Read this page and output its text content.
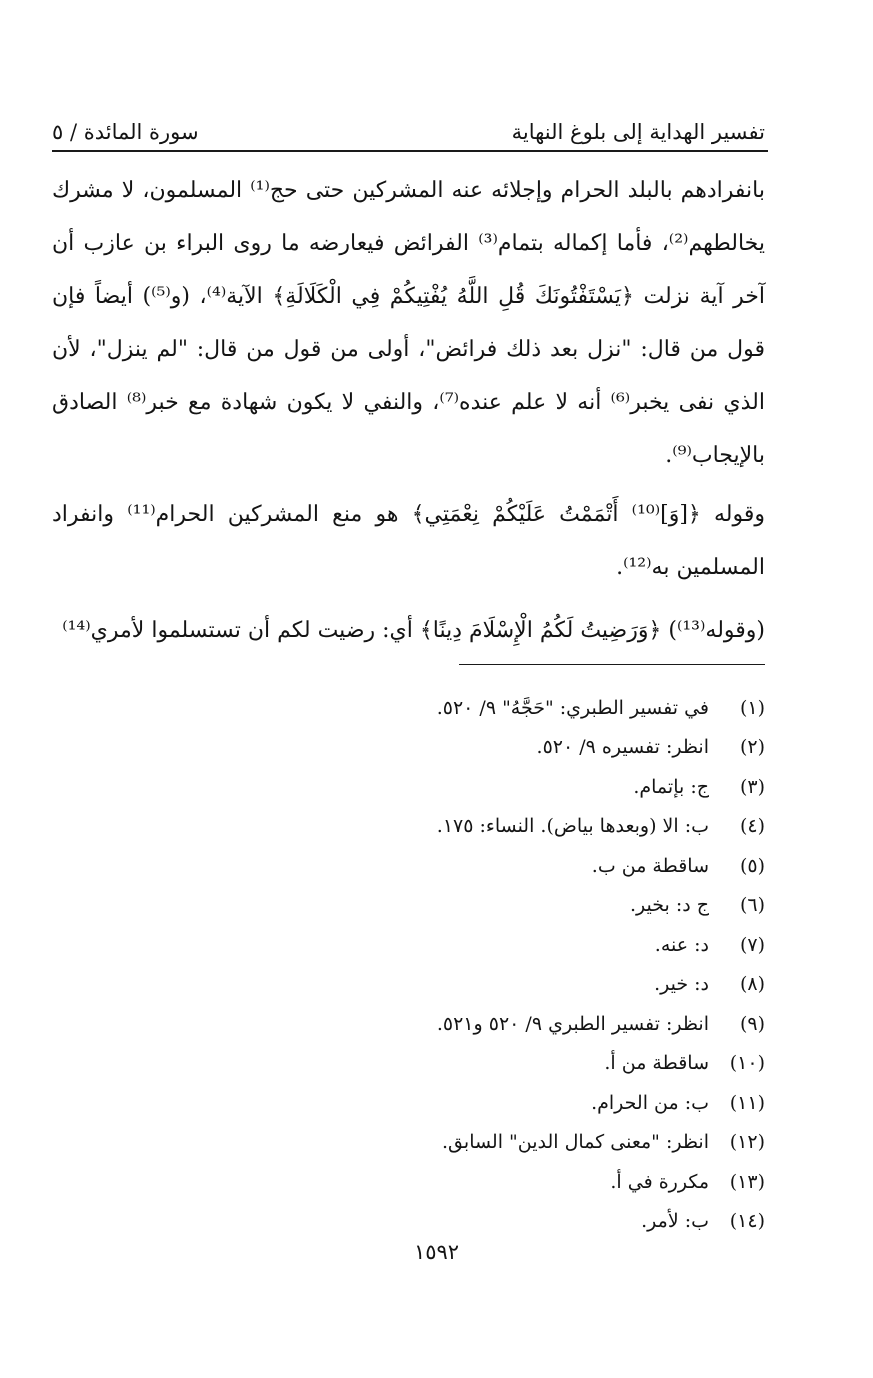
تفسير الهداية إلى بلوغ النهاية
سورة المائدة / ٥

بانفرادهم بالبلد الحرام وإجلائه عنه المشركين حتى حج⁽¹⁾ المسلمون، لا مشرك يخالطهم⁽²⁾، فأما إكماله بتمام⁽³⁾ الفرائض فيعارضه ما روى البراء بن عازب أن آخر آية نزلت ﴿يَسْتَفْتُونَكَ قُلِ اللَّهُ يُفْتِيكُمْ فِي الْكَلَالَةِ﴾ الآية⁽⁴⁾، (و⁽⁵⁾) أيضاً فإن قول من قال: "نزل بعد ذلك فرائض"، أولى من قول من قال: "لم ينزل"، لأن الذي نفى يخبر⁽⁶⁾ أنه لا علم عنده⁽⁷⁾، والنفي لا يكون شهادة مع خبر⁽⁸⁾ الصادق بالإيجاب⁽⁹⁾.

وقوله ﴿[وَ]⁽¹⁰⁾ أَتْمَمْتُ عَلَيْكُمْ نِعْمَتِي﴾ هو منع المشركين الحرام⁽¹¹⁾ وانفراد المسلمين به⁽¹²⁾.

(وقوله⁽¹³⁾) ﴿وَرَضِيتُ لَكُمُ الْإِسْلَامَ دِينًا﴾ أي: رضيت لكم أن تستسلموا لأمري⁽¹⁴⁾

(١)
في تفسير الطبري: "حَجَّهُ" ٩/ ٥٢٠.
(٢)
انظر: تفسيره ٩/ ٥٢٠.
(٣)
ج: بإتمام.
(٤)
ب: الا (وبعدها بياض). النساء: ١٧٥.
(٥)
ساقطة من ب.
(٦)
ج د: بخير.
(٧)
د: عنه.
(٨)
د: خير.
(٩)
انظر: تفسير الطبري ٩/ ٥٢٠ و٥٢١.
(١٠)
ساقطة من أ.
(١١)
ب: من الحرام.
(١٢)
انظر: "معنى كمال الدين" السابق.
(١٣)
مكررة في أ.
(١٤)
ب: لأمر.
١٥٩٢
